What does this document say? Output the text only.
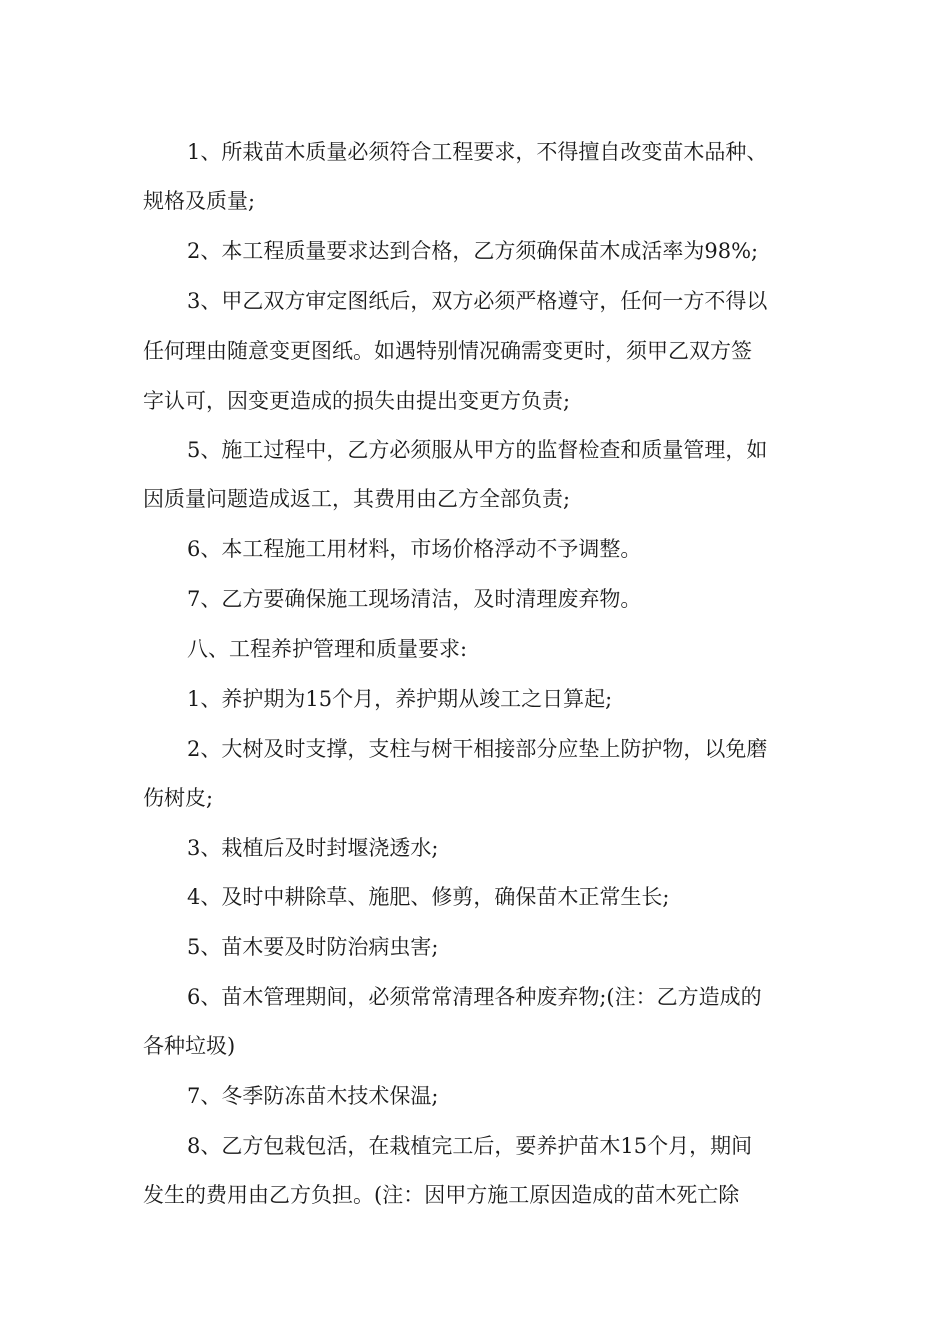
1、所栽苗木质量必须符合工程要求，不得擅自改变苗木品种、
规格及质量;
2、本工程质量要求达到合格，乙方须确保苗木成活率为98%;
3、甲乙双方审定图纸后，双方必须严格遵守，任何一方不得以
任何理由随意变更图纸。如遇特别情况确需变更时，须甲乙双方签
字认可，因变更造成的损失由提出变更方负责;
5、施工过程中，乙方必须服从甲方的监督检查和质量管理，如
因质量问题造成返工，其费用由乙方全部负责;
6、本工程施工用材料，市场价格浮动不予调整。
7、乙方要确保施工现场清洁，及时清理废弃物。
八、工程养护管理和质量要求:
1、养护期为15个月，养护期从竣工之日算起;
2、大树及时支撑，支柱与树干相接部分应垫上防护物，以免磨
伤树皮;
3、栽植后及时封堰浇透水;
4、及时中耕除草、施肥、修剪，确保苗木正常生长;
5、苗木要及时防治病虫害;
6、苗木管理期间，必须常常清理各种废弃物;(注：乙方造成的
各种垃圾)
7、冬季防冻苗木技术保温;
8、乙方包栽包活，在栽植完工后，要养护苗木15个月，期间
发生的费用由乙方负担。(注：因甲方施工原因造成的苗木死亡除
